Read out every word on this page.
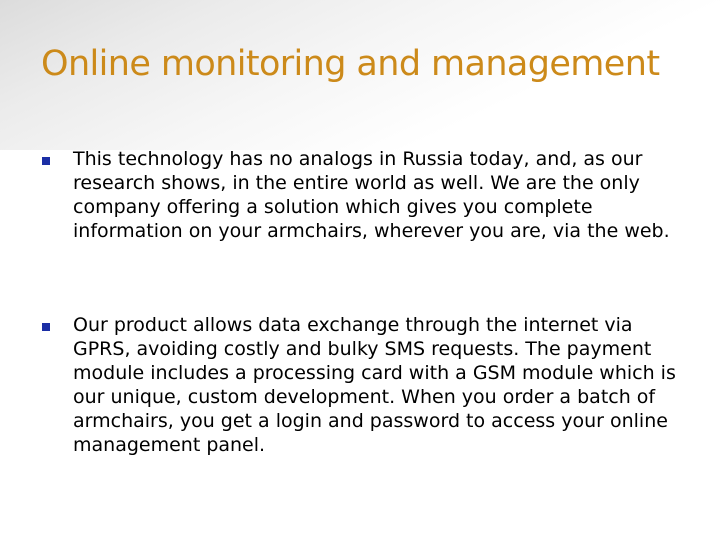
Online monitoring and management

This technology has no analogs in Russia today, and, as our research shows, in the entire world as well. We are the only company offering a solution which gives you complete information on your armchairs, wherever you are, via the web.

Our product allows data exchange through the internet via GPRS, avoiding costly and bulky SMS requests. The payment module includes a processing card with a GSM module which is our unique, custom development. When you order a batch of armchairs, you get a login and password to access your online management panel.
